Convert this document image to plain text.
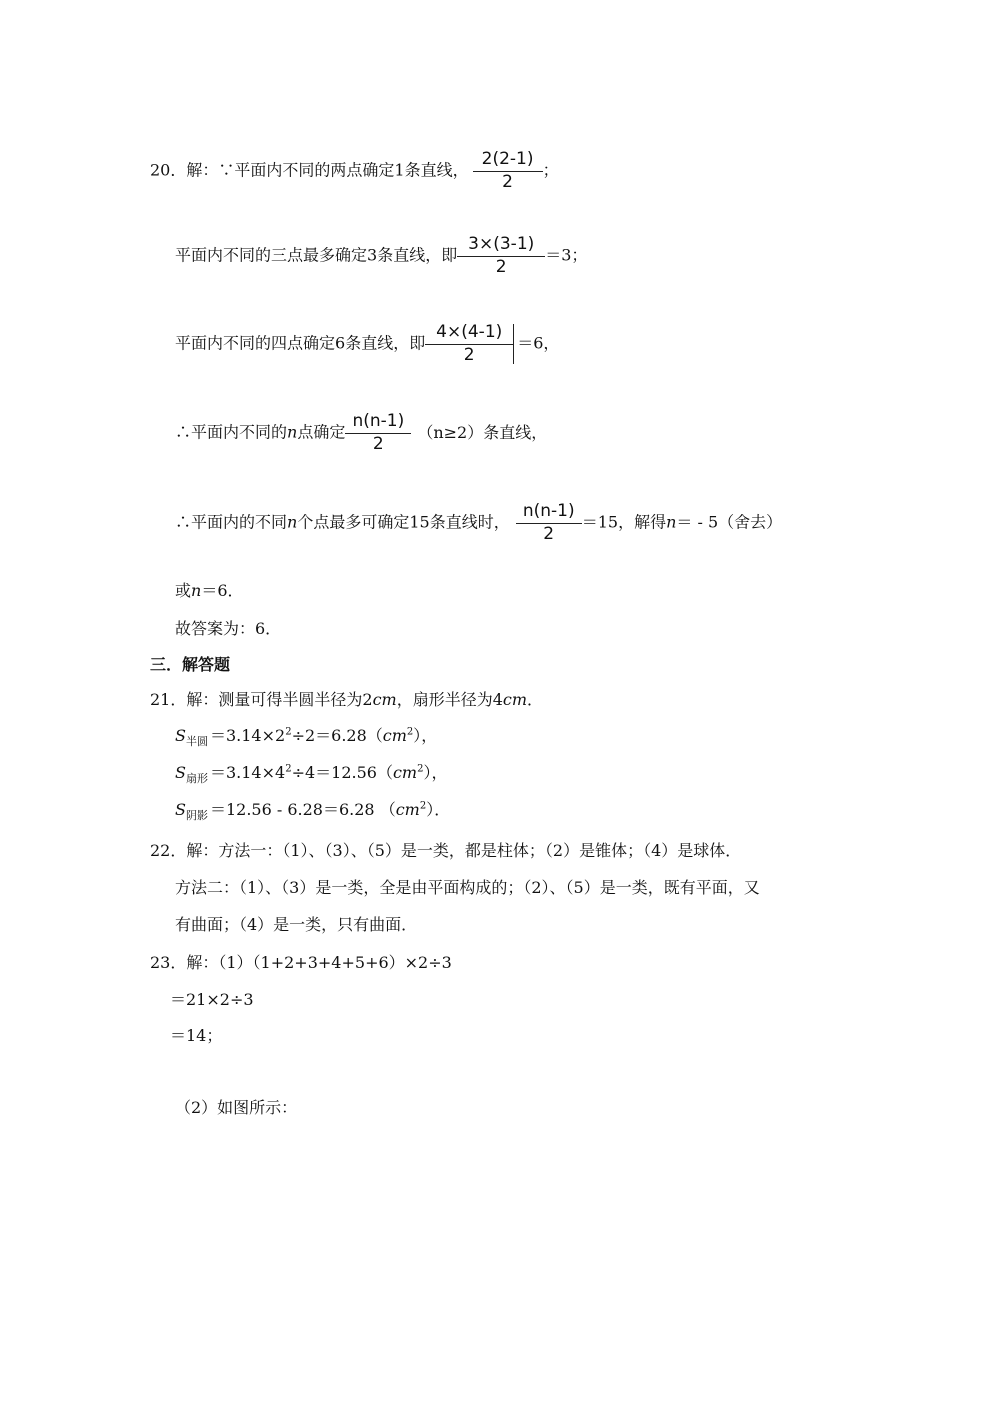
20．解：∵平面内不同的两点确定1条直线， $\frac{2(2-1)}{2}$ ；
平面内不同的三点最多确定3条直线，即 $\frac{3\times(3-1)}{2} =3$；
平面内不同的四点确定6条直线，即 $\frac{4\times(4-1)}{2} =6$，
∴平面内不同的n点确定 $\frac{n(n-1)}{2} (n\ge 2)$条直线，
∴平面内的不同n个点最多可确定15条直线时， $\frac{n(n-1)}{2} =15$，解得n＝ - 5（舍去）
或n＝6．
故答案为：6．
三．解答题
21．解：测量可得半圆半径为2cm，扇形半径为4cm．
$S_{半圆} =3.14\times 2^2\div 2=6.28(cm^2)$，
$S_{扇形} =3.14\times 4^2\div 4=12.56(cm^2)$，
$S_{阴影} =12.56 - 6.28=6.28$ $(cm^2)$．
22．解：方法一：（1）、（3）、（5）是一类，都是柱体；（2）是锥体；（4）是球体．
方法二：（1）、（3）是一类，全是由平面构成的；（2）、（5）是一类，既有平面，又
有曲面；（4）是一类，只有曲面．
23．解：（1）（1+2+3+4+5+6）×2÷3
＝21×2÷3
＝14；
（2）如图所示：
